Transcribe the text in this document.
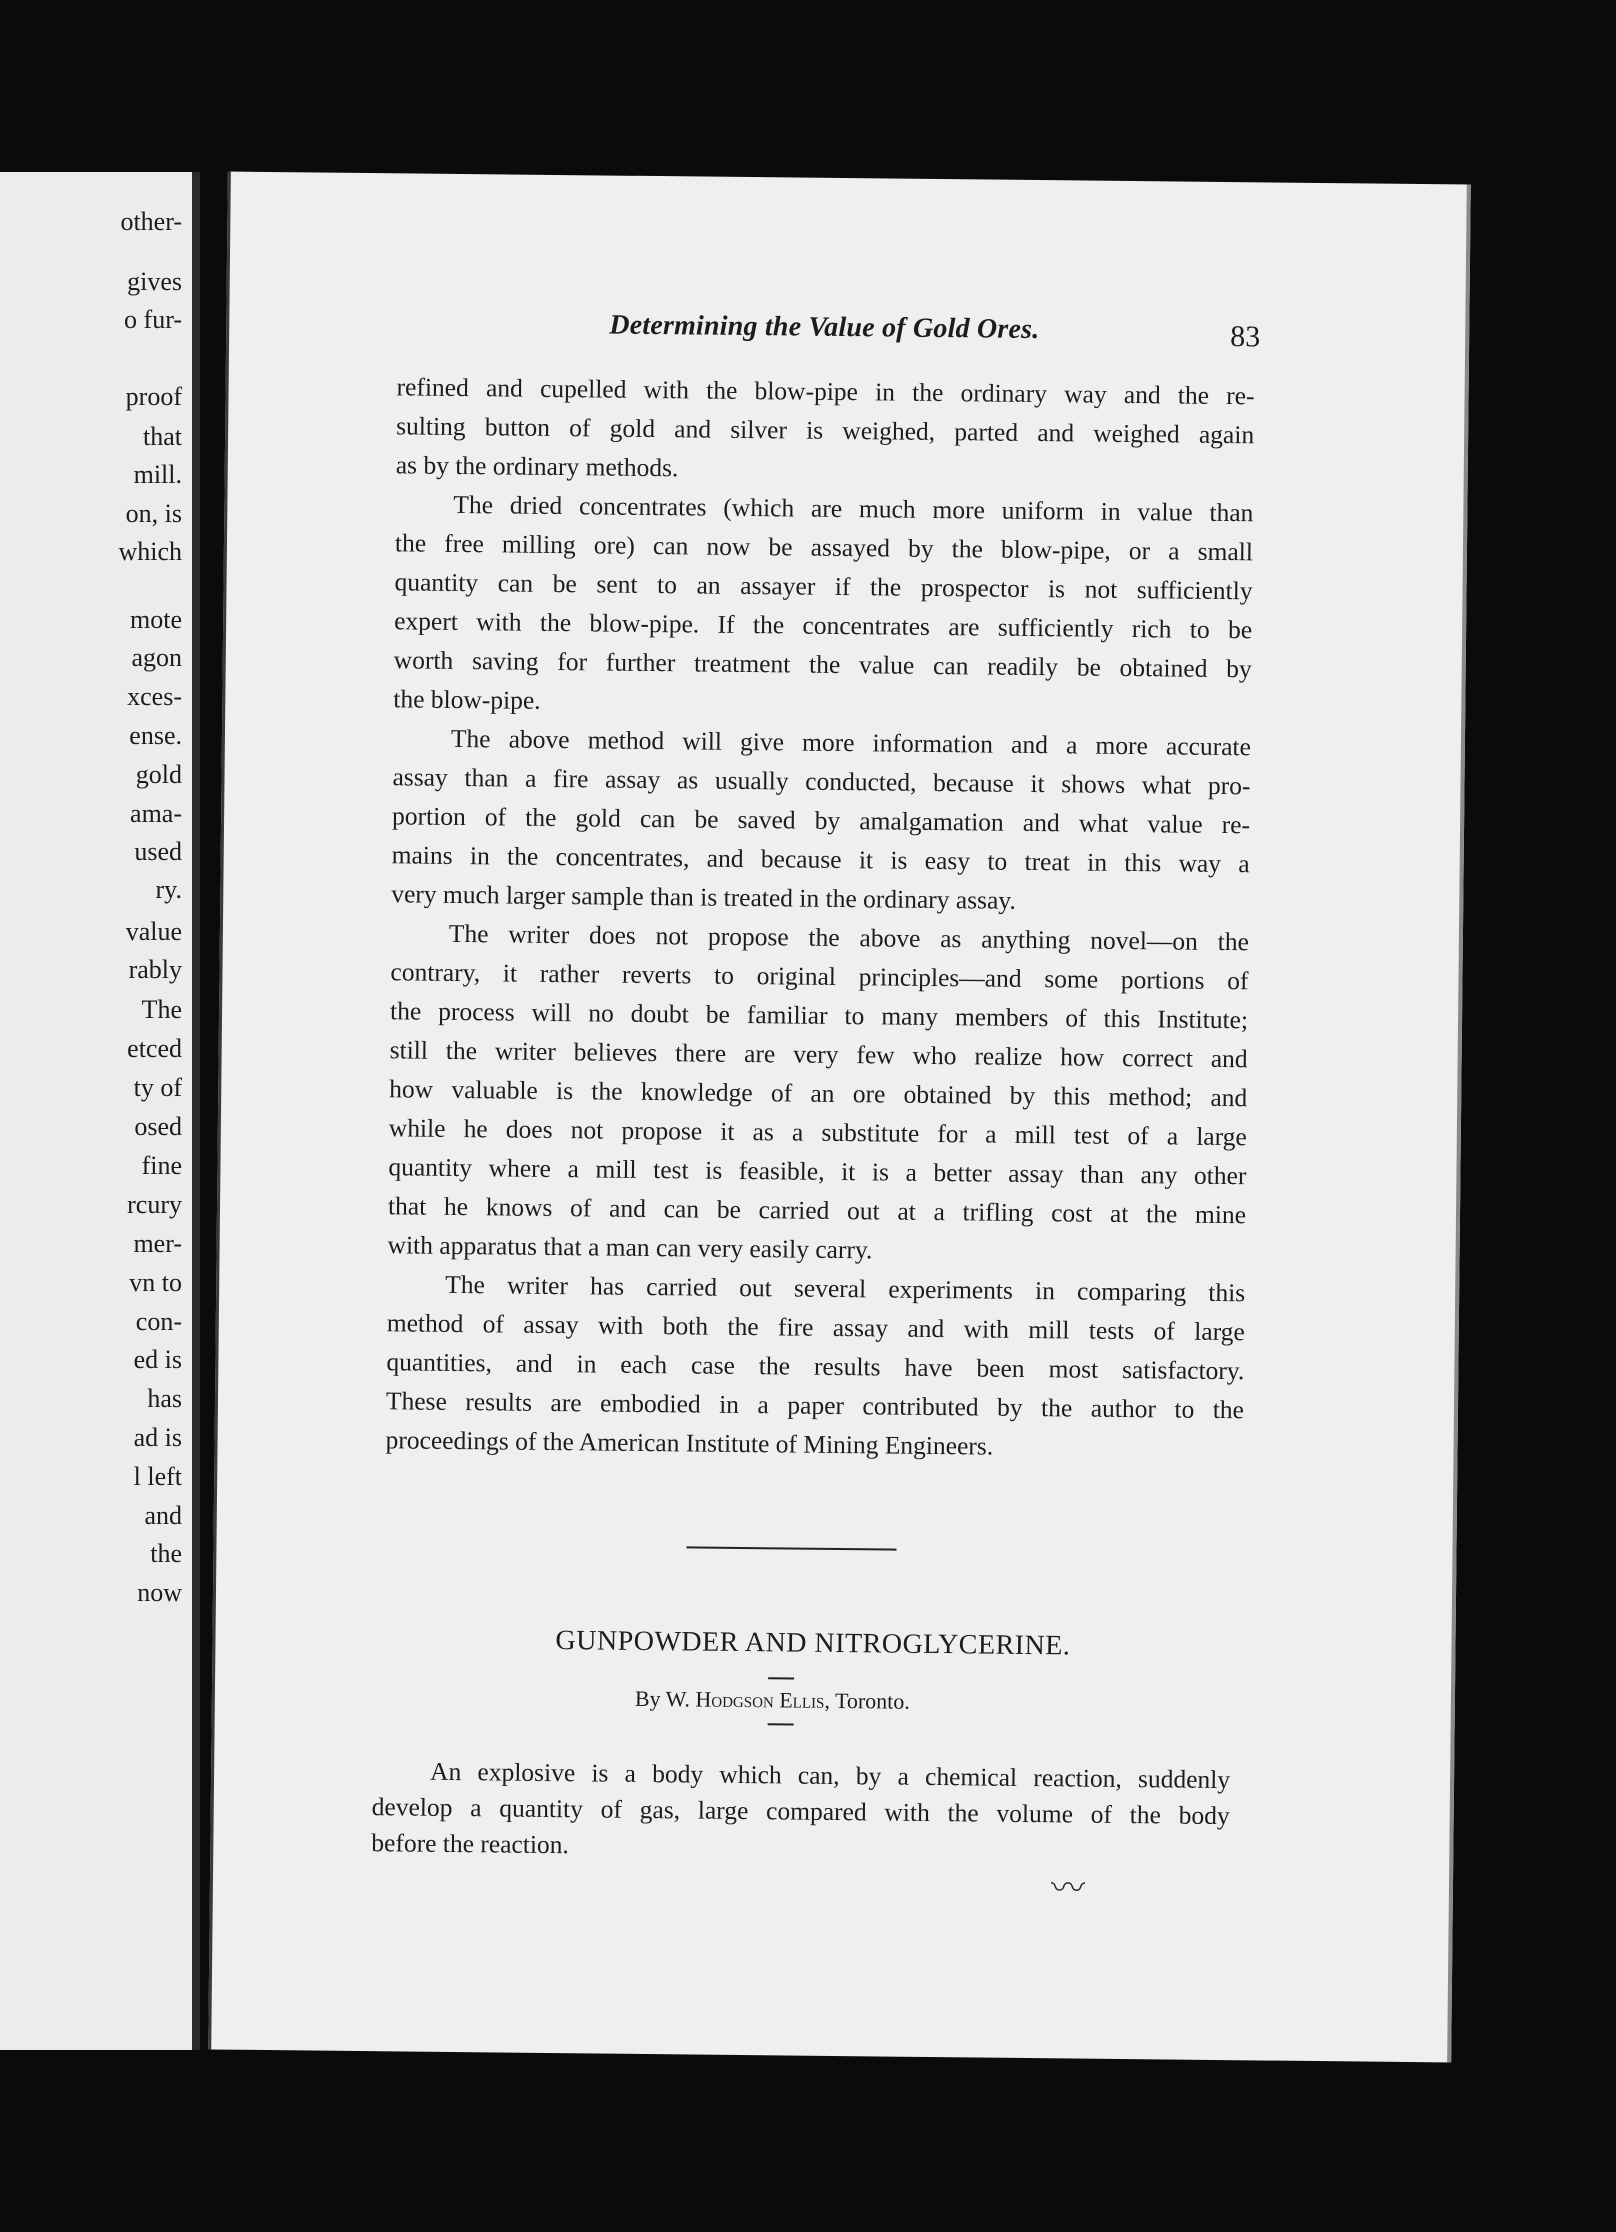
other-
gives
o fur-
proof
that
mill.
on, is
which
mote
agon
xces-
ense.
gold
ama-
used
ry.
value
rably
The
etced
ty of
osed
fine
rcury
mer-
vn to
con-
ed is
has
ad is
l left
and
the
now
Determining the Value of Gold Ores.	83
refined and cupelled with the blow-pipe in the ordinary way and the re-
sulting button of gold and silver is weighed, parted and weighed again
as by the ordinary methods.
The dried concentrates (which are much more uniform in value than
the free milling ore) can now be assayed by the blow-pipe, or a small
quantity can be sent to an assayer if the prospector is not sufficiently
expert with the blow-pipe. If the concentrates are sufficiently rich to be
worth saving for further treatment the value can readily be obtained by
the blow-pipe.
The above method will give more information and a more accurate
assay than a fire assay as usually conducted, because it shows what pro-
portion of the gold can be saved by amalgamation and what value re-
mains in the concentrates, and because it is easy to treat in this way a
very much larger sample than is treated in the ordinary assay.
The writer does not propose the above as anything novel—on the
contrary, it rather reverts to original principles—and some portions of
the process will no doubt be familiar to many members of this Institute;
still the writer believes there are very few who realize how correct and
how valuable is the knowledge of an ore obtained by this method; and
while he does not propose it as a substitute for a mill test of a large
quantity where a mill test is feasible, it is a better assay than any other
that he knows of and can be carried out at a trifling cost at the mine
with apparatus that a man can very easily carry.
The writer has carried out several experiments in comparing this
method of assay with both the fire assay and with mill tests of large
quantities, and in each case the results have been most satisfactory.
These results are embodied in a paper contributed by the author to the
proceedings of the American Institute of Mining Engineers.
GUNPOWDER AND NITROGLYCERINE.
By W. Hodgson Ellis, Toronto.
An explosive is a body which can, by a chemical reaction, suddenly
develop a quantity of gas, large compared with the volume of the body
before the reaction.
〰
